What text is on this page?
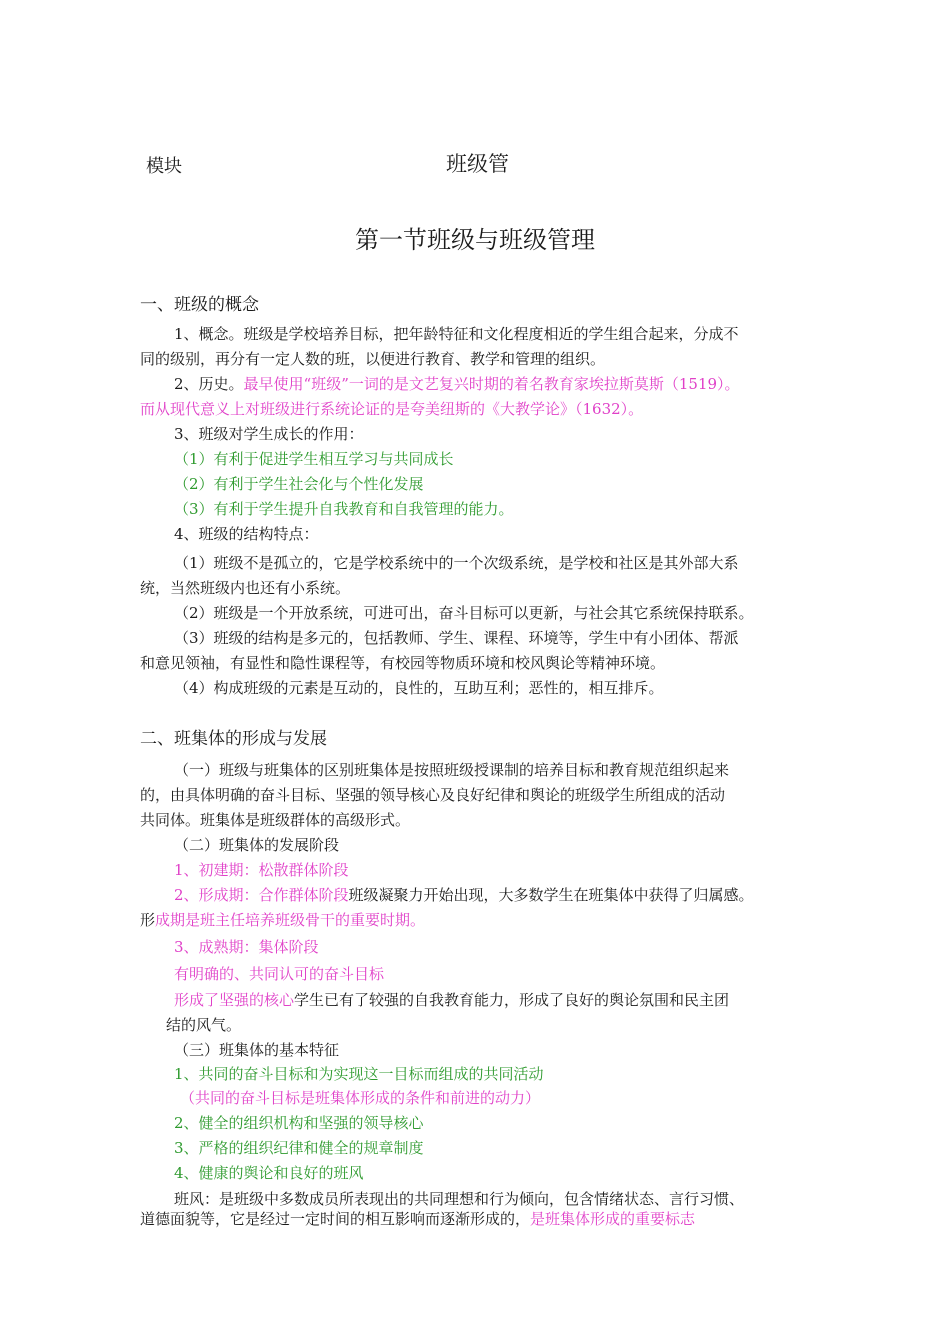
模块	班级管
第一节班级与班级管理
一、班级的概念
1、概念。班级是学校培养目标，把年龄特征和文化程度相近的学生组合起来，分成不
同的级别，再分有一定人数的班，以便进行教育、教学和管理的组织。
2、历史。最早使用“班级”一词的是文艺复兴时期的着名教育家埃拉斯莫斯（1519）。
而从现代意义上对班级进行系统论证的是夸美纽斯的《大教学论》（1632）。
3、班级对学生成长的作用：
（1）有利于促进学生相互学习与共同成长
（2）有利于学生社会化与个性化发展
（3）有利于学生提升自我教育和自我管理的能力。
4、班级的结构特点：
（1）班级不是孤立的，它是学校系统中的一个次级系统，是学校和社区是其外部大系
统，当然班级内也还有小系统。
（2）班级是一个开放系统，可进可出，奋斗目标可以更新，与社会其它系统保持联系。
（3）班级的结构是多元的，包括教师、学生、课程、环境等，学生中有小团体、帮派
和意见领袖，有显性和隐性课程等，有校园等物质环境和校风舆论等精神环境。
（4）构成班级的元素是互动的，良性的，互助互利；恶性的，相互排斥。
二、班集体的形成与发展
（一）班级与班集体的区别班集体是按照班级授课制的培养目标和教育规范组织起来
的，由具体明确的奋斗目标、坚强的领导核心及良好纪律和舆论的班级学生所组成的活动
共同体。班集体是班级群体的高级形式。
（二）班集体的发展阶段
1、初建期：松散群体阶段
2、形成期：合作群体阶段班级凝聚力开始出现，大多数学生在班集体中获得了归属感。
形成期是班主任培养班级骨干的重要时期。
3、成熟期：集体阶段
有明确的、共同认可的奋斗目标
形成了坚强的核心学生已有了较强的自我教育能力，形成了良好的舆论氛围和民主团
结的风气。
（三）班集体的基本特征
1、共同的奋斗目标和为实现这一目标而组成的共同活动
（共同的奋斗目标是班集体形成的条件和前进的动力）
2、健全的组织机构和坚强的领导核心
3、严格的组织纪律和健全的规章制度
4、健康的舆论和良好的班风
班风：是班级中多数成员所表现出的共同理想和行为倾向，包含情绪状态、言行习惯、
道德面貌等，它是经过一定时间的相互影响而逐渐形成的，是班集体形成的重要标志
